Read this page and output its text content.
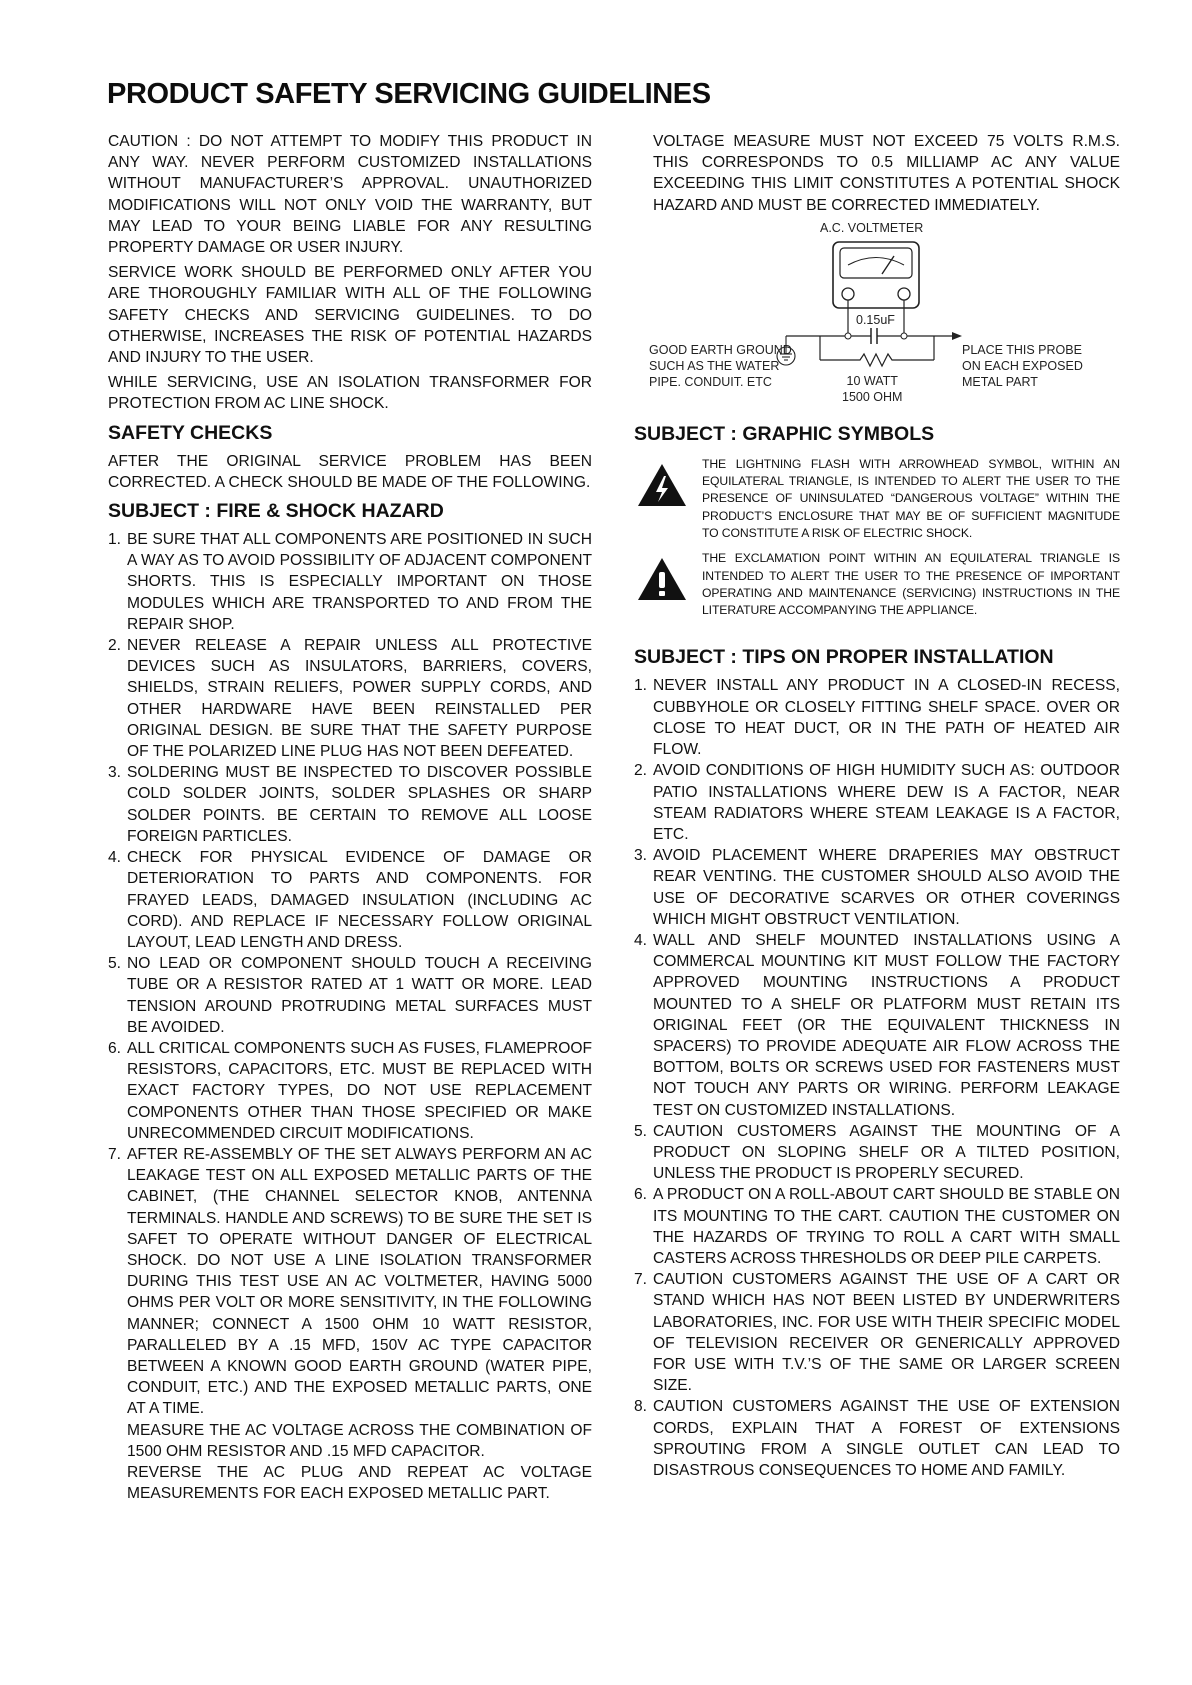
PRODUCT SAFETY SERVICING GUIDELINES

CAUTION : DO NOT ATTEMPT TO MODIFY THIS PRODUCT IN ANY WAY. NEVER PERFORM CUSTOMIZED INSTALLATIONS WITHOUT MANUFACTURER’S APPROVAL. UNAUTHORIZED MODIFICATIONS WILL NOT ONLY VOID THE WARRANTY, BUT MAY LEAD TO YOUR BEING LIABLE FOR ANY RESULTING PROPERTY DAMAGE OR USER INJURY.

SERVICE WORK SHOULD BE PERFORMED ONLY AFTER YOU ARE THOROUGHLY FAMILIAR WITH ALL OF THE FOLLOWING SAFETY CHECKS AND SERVICING GUIDELINES. TO DO OTHERWISE, INCREASES THE RISK OF POTENTIAL HAZARDS AND INJURY TO THE USER.

WHILE SERVICING, USE AN ISOLATION TRANSFORMER FOR PROTECTION FROM AC LINE SHOCK.

SAFETY CHECKS

AFTER THE ORIGINAL SERVICE PROBLEM HAS BEEN CORRECTED. A CHECK SHOULD BE MADE OF THE FOLLOWING.

SUBJECT : FIRE & SHOCK HAZARD
1. BE SURE THAT ALL COMPONENTS ARE POSITIONED IN SUCH A WAY AS TO AVOID POSSIBILITY OF ADJACENT COMPONENT SHORTS. THIS IS ESPECIALLY IMPORTANT ON THOSE MODULES WHICH ARE TRANSPORTED TO AND FROM THE REPAIR SHOP.
2. NEVER RELEASE A REPAIR UNLESS ALL PROTECTIVE DEVICES SUCH AS INSULATORS, BARRIERS, COVERS, SHIELDS, STRAIN RELIEFS, POWER SUPPLY CORDS, AND OTHER HARDWARE HAVE BEEN REINSTALLED PER ORIGINAL DESIGN. BE SURE THAT THE SAFETY PURPOSE OF THE POLARIZED LINE PLUG HAS NOT BEEN DEFEATED.
3. SOLDERING MUST BE INSPECTED TO DISCOVER POSSIBLE COLD SOLDER JOINTS, SOLDER SPLASHES OR SHARP SOLDER POINTS. BE CERTAIN TO REMOVE ALL LOOSE FOREIGN PARTICLES.
4. CHECK FOR PHYSICAL EVIDENCE OF DAMAGE OR DETERIORATION TO PARTS AND COMPONENTS. FOR FRAYED LEADS, DAMAGED INSULATION (INCLUDING AC CORD). AND REPLACE IF NECESSARY FOLLOW ORIGINAL LAYOUT, LEAD LENGTH AND DRESS.
5. NO LEAD OR COMPONENT SHOULD TOUCH A RECEIVING TUBE OR A RESISTOR RATED AT 1 WATT OR MORE. LEAD TENSION AROUND PROTRUDING METAL SURFACES MUST BE AVOIDED.
6. ALL CRITICAL COMPONENTS SUCH AS FUSES, FLAMEPROOF RESISTORS, CAPACITORS, ETC. MUST BE REPLACED WITH EXACT FACTORY TYPES, DO NOT USE REPLACEMENT COMPONENTS OTHER THAN THOSE SPECIFIED OR MAKE UNRECOMMENDED CIRCUIT MODIFICATIONS.
7. AFTER RE-ASSEMBLY OF THE SET ALWAYS PERFORM AN AC LEAKAGE TEST ON ALL EXPOSED METALLIC PARTS OF THE CABINET, (THE CHANNEL SELECTOR KNOB, ANTENNA TERMINALS. HANDLE AND SCREWS) TO BE SURE THE SET IS SAFET TO OPERATE WITHOUT DANGER OF ELECTRICAL SHOCK. DO NOT USE A LINE ISOLATION TRANSFORMER DURING THIS TEST USE AN AC VOLTMETER, HAVING 5000 OHMS PER VOLT OR MORE SENSITIVITY, IN THE FOLLOWING MANNER; CONNECT A 1500 OHM 10 WATT RESISTOR, PARALLELED BY A .15 MFD, 150V AC TYPE CAPACITOR BETWEEN A KNOWN GOOD EARTH GROUND (WATER PIPE, CONDUIT, ETC.) AND THE EXPOSED METALLIC PARTS, ONE AT A TIME.

MEASURE THE AC VOLTAGE ACROSS THE COMBINATION OF 1500 OHM RESISTOR AND .15 MFD CAPACITOR.

REVERSE THE AC PLUG AND REPEAT AC VOLTAGE MEASUREMENTS FOR EACH EXPOSED METALLIC PART.

VOLTAGE MEASURE MUST NOT EXCEED 75 VOLTS R.M.S. THIS CORRESPONDS TO 0.5 MILLIAMP AC ANY VALUE EXCEEDING THIS LIMIT CONSTITUTES A POTENTIAL SHOCK HAZARD AND MUST BE CORRECTED IMMEDIATELY.

A.C. VOLTMETER
0.15uF
GOOD EARTH GROUND
SUCH AS THE WATER
PIPE. CONDUIT. ETC	10 WATT
1500 OHM
PLACE THIS PROBE
ON EACH EXPOSED
METAL PART
SUBJECT : GRAPHIC SYMBOLS
THE LIGHTNING FLASH WITH ARROWHEAD SYMBOL, WITHIN AN EQUILATERAL TRIANGLE, IS INTENDED TO ALERT THE USER TO THE PRESENCE OF UNINSULATED “DANGEROUS VOLTAGE” WITHIN THE PRODUCT’S ENCLOSURE THAT MAY BE OF SUFFICIENT MAGNITUDE TO CONSTITUTE A RISK OF ELECTRIC SHOCK.
THE EXCLAMATION POINT WITHIN AN EQUILATERAL TRIANGLE IS INTENDED TO ALERT THE USER TO THE PRESENCE OF IMPORTANT OPERATING AND MAINTENANCE (SERVICING) INSTRUCTIONS IN THE LITERATURE ACCOMPANYING THE APPLIANCE.
SUBJECT : TIPS ON PROPER INSTALLATION
1. NEVER INSTALL ANY PRODUCT IN A CLOSED-IN RECESS, CUBBYHOLE OR CLOSELY FITTING SHELF SPACE. OVER OR CLOSE TO HEAT DUCT, OR IN THE PATH OF HEATED AIR FLOW.
2. AVOID CONDITIONS OF HIGH HUMIDITY SUCH AS: OUTDOOR PATIO INSTALLATIONS WHERE DEW IS A FACTOR, NEAR STEAM RADIATORS WHERE STEAM LEAKAGE IS A FACTOR, ETC.
3. AVOID PLACEMENT WHERE DRAPERIES MAY OBSTRUCT REAR VENTING. THE CUSTOMER SHOULD ALSO AVOID THE USE OF DECORATIVE SCARVES OR OTHER COVERINGS WHICH MIGHT OBSTRUCT VENTILATION.
4. WALL AND SHELF MOUNTED INSTALLATIONS USING A COMMERCAL MOUNTING KIT MUST FOLLOW THE FACTORY APPROVED MOUNTING INSTRUCTIONS A PRODUCT MOUNTED TO A SHELF OR PLATFORM MUST RETAIN ITS ORIGINAL FEET (OR THE EQUIVALENT THICKNESS IN SPACERS) TO PROVIDE ADEQUATE AIR FLOW ACROSS THE BOTTOM, BOLTS OR SCREWS USED FOR FASTENERS MUST NOT TOUCH ANY PARTS OR WIRING. PERFORM LEAKAGE TEST ON CUSTOMIZED INSTALLATIONS.
5. CAUTION CUSTOMERS AGAINST THE MOUNTING OF A PRODUCT ON SLOPING SHELF OR A TILTED POSITION, UNLESS THE PRODUCT IS PROPERLY SECURED.
6. A PRODUCT ON A ROLL-ABOUT CART SHOULD BE STABLE ON ITS MOUNTING TO THE CART. CAUTION THE CUSTOMER ON THE HAZARDS OF TRYING TO ROLL A CART WITH SMALL CASTERS ACROSS THRESHOLDS OR DEEP PILE CARPETS.
7. CAUTION CUSTOMERS AGAINST THE USE OF A CART OR STAND WHICH HAS NOT BEEN LISTED BY UNDERWRITERS LABORATORIES, INC. FOR USE WITH THEIR SPECIFIC MODEL OF TELEVISION RECEIVER OR GENERICALLY APPROVED FOR USE WITH T.V.’S OF THE SAME OR LARGER SCREEN SIZE.
8. CAUTION CUSTOMERS AGAINST THE USE OF EXTENSION CORDS, EXPLAIN THAT A FOREST OF EXTENSIONS SPROUTING FROM A SINGLE OUTLET CAN LEAD TO DISASTROUS CONSEQUENCES TO HOME AND FAMILY.
